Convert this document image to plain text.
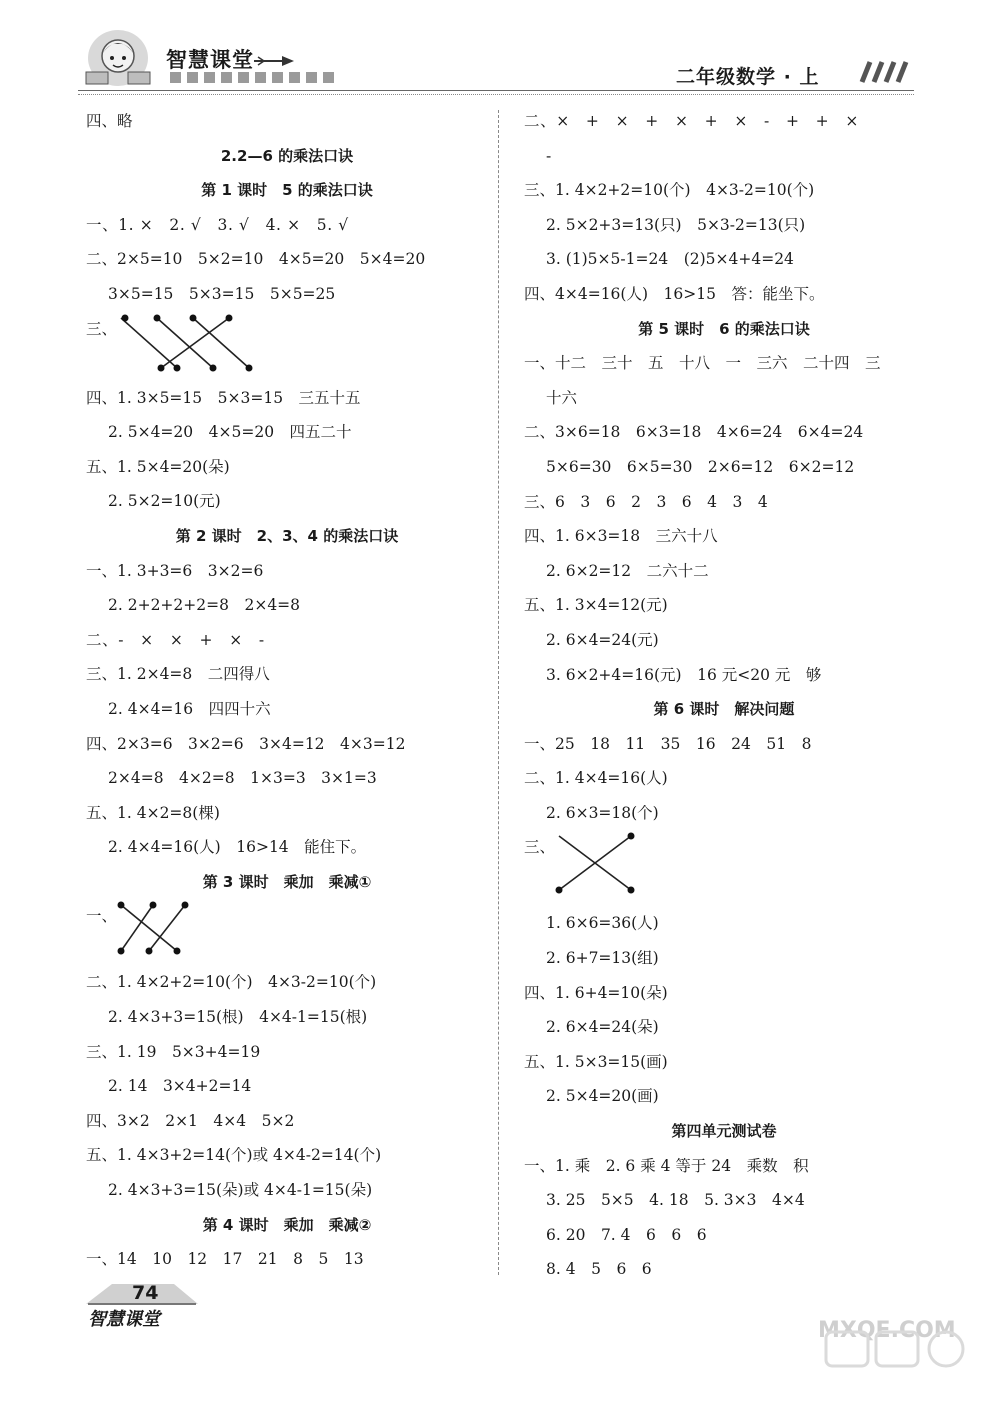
智慧课堂
二年级数学 · 上
四、略
2.2—6 的乘法口诀
第 1 课时　5 的乘法口诀
一、1. ×　2. √　3. √　4. ×　5. √
二、2×5=10　5×2=10　4×5=20　5×4=20
3×5=15　5×3=15　5×5=25
三、
四、1. 3×5=15　5×3=15　三五十五
2. 5×4=20　4×5=20　四五二十
五、1. 5×4=20(朵)
2. 5×2=10(元)
第 2 课时　2、3、4 的乘法口诀
一、1. 3+3=6　3×2=6
2. 2+2+2+2=8　2×4=8
二、-　×　×　+　×　-
三、1. 2×4=8　二四得八
2. 4×4=16　四四十六
四、2×3=6　3×2=6　3×4=12　4×3=12
2×4=8　4×2=8　1×3=3　3×1=3
五、1. 4×2=8(棵)
2. 4×4=16(人)　16>14　能住下。
第 3 课时　乘加　乘减①
一、
二、1. 4×2+2=10(个)　4×3-2=10(个)
2. 4×3+3=15(根)　4×4-1=15(根)
三、1. 19　5×3+4=19
2. 14　3×4+2=14
四、3×2　2×1　4×4　5×2
五、1. 4×3+2=14(个)或 4×4-2=14(个)
2. 4×3+3=15(朵)或 4×4-1=15(朵)
第 4 课时　乘加　乘减②
一、14　10　12　17　21　8　5　13
二、×　+　×　+　×　+　×　-　+　+　×
-
三、1. 4×2+2=10(个)　4×3-2=10(个)
2. 5×2+3=13(只)　5×3-2=13(只)
3. (1)5×5-1=24　(2)5×4+4=24
四、4×4=16(人)　16>15　答：能坐下。
第 5 课时　6 的乘法口诀
一、十二　三十　五　十八　一　三六　二十四　三
十六
二、3×6=18　6×3=18　4×6=24　6×4=24
5×6=30　6×5=30　2×6=12　6×2=12
三、6　3　6　2　3　6　4　3　4
四、1. 6×3=18　三六十八
2. 6×2=12　二六十二
五、1. 3×4=12(元)
2. 6×4=24(元)
3. 6×2+4=16(元)　16 元<20 元　够
第 6 课时　解决问题
一、25　18　11　35　16　24　51　8
二、1. 4×4=16(人)
2. 6×3=18(个)
三、
1. 6×6=36(人)
2. 6+7=13(组)
四、1. 6+4=10(朵)
2. 6×4=24(朵)
五、1. 5×3=15(画)
2. 5×4=20(画)
第四单元测试卷
一、1. 乘　2. 6 乘 4 等于 24　乘数　积
3. 25　5×5　4. 18　5. 3×3　4×4
6. 20　7. 4　6　6　6
8. 4　5　6　6
74
智慧课堂	MXQE.COM
